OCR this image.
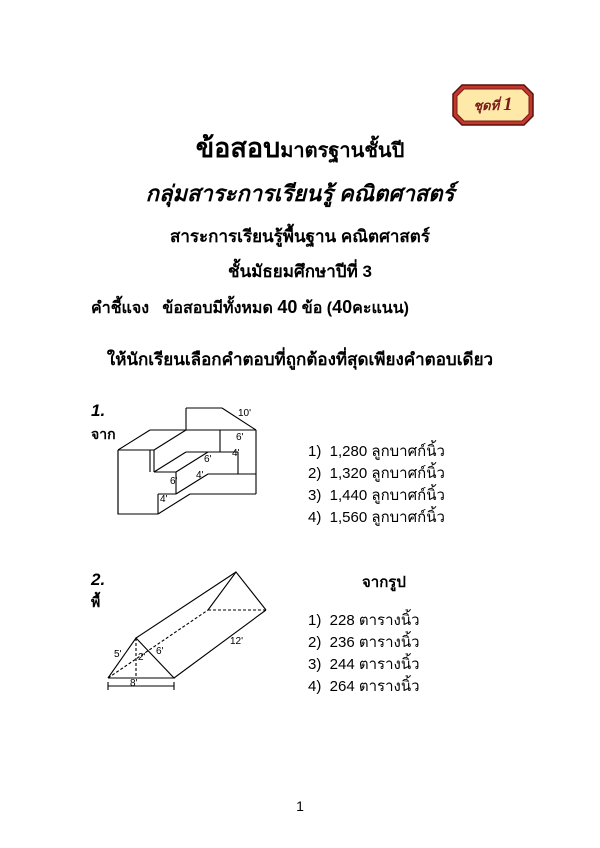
ชุดที่ 1
ข้อสอบมาตรฐานชั้นปี
กลุ่มสาระการเรียนรู้ คณิตศาสตร์
สาระการเรียนรู้พื้นฐาน คณิตศาสตร์
ชั้นมัธยมศึกษาปีที่ 3
คำชี้แจง ข้อสอบมีทั้งหมด 40 ข้อ (40คะแนน)
ให้นักเรียนเลือกคำตอบที่ถูกต้องที่สุดเพียงคำตอบเดียว
1.
จาก
10'
6'
4'
6'
4'
6'
4'
1)  1,280 ลูกบาศก์นิ้ว
2)  1,320 ลูกบาศก์นิ้ว
3)  1,440 ลูกบาศก์นิ้ว
4)  1,560 ลูกบาศก์นิ้ว
2.
พื้
จากรูป
12'
5' 2'
6'
8'
1)  228 ตารางนิ้ว
2)  236 ตารางนิ้ว
3)  244 ตารางนิ้ว
4)  264 ตารางนิ้ว
1
